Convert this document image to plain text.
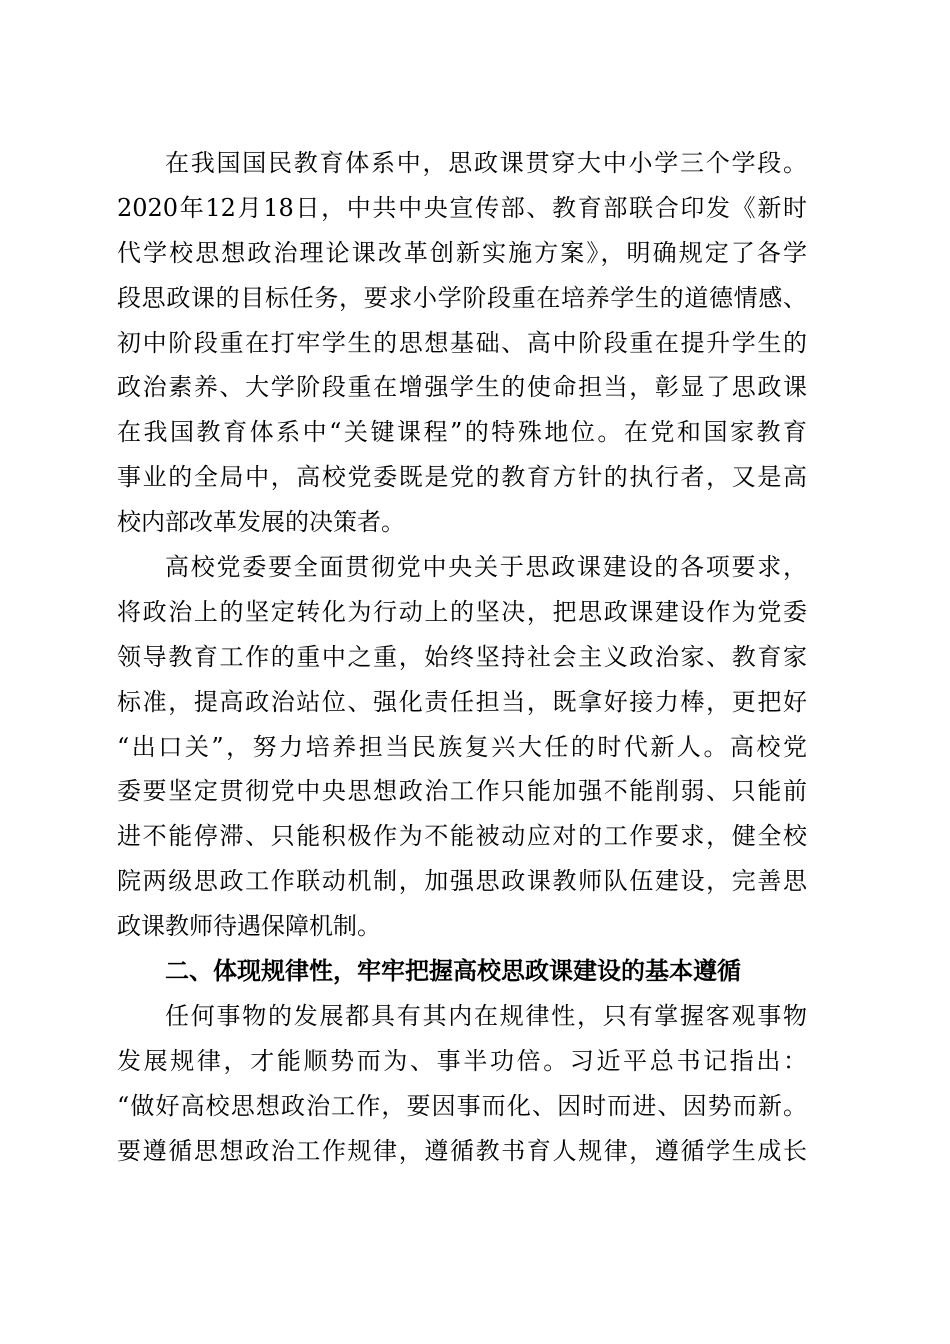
在我国国民教育体系中，思政课贯穿大中小学三个学段。
2020年12月18日，中共中央宣传部、教育部联合印发《新时
代学校思想政治理论课改革创新实施方案》，明确规定了各学
段思政课的目标任务，要求小学阶段重在培养学生的道德情感、
初中阶段重在打牢学生的思想基础、高中阶段重在提升学生的
政治素养、大学阶段重在增强学生的使命担当，彰显了思政课
在我国教育体系中“关键课程”的特殊地位。在党和国家教育
事业的全局中，高校党委既是党的教育方针的执行者，又是高
校内部改革发展的决策者。
高校党委要全面贯彻党中央关于思政课建设的各项要求，
将政治上的坚定转化为行动上的坚决，把思政课建设作为党委
领导教育工作的重中之重，始终坚持社会主义政治家、教育家
标准，提高政治站位、强化责任担当，既拿好接力棒，更把好
“出口关”，努力培养担当民族复兴大任的时代新人。高校党
委要坚定贯彻党中央思想政治工作只能加强不能削弱、只能前
进不能停滞、只能积极作为不能被动应对的工作要求，健全校
院两级思政工作联动机制，加强思政课教师队伍建设，完善思
政课教师待遇保障机制。
二、体现规律性，牢牢把握高校思政课建设的基本遵循
任何事物的发展都具有其内在规律性，只有掌握客观事物
发展规律，才能顺势而为、事半功倍。习近平总书记指出：
“做好高校思想政治工作，要因事而化、因时而进、因势而新。
要遵循思想政治工作规律，遵循教书育人规律，遵循学生成长
